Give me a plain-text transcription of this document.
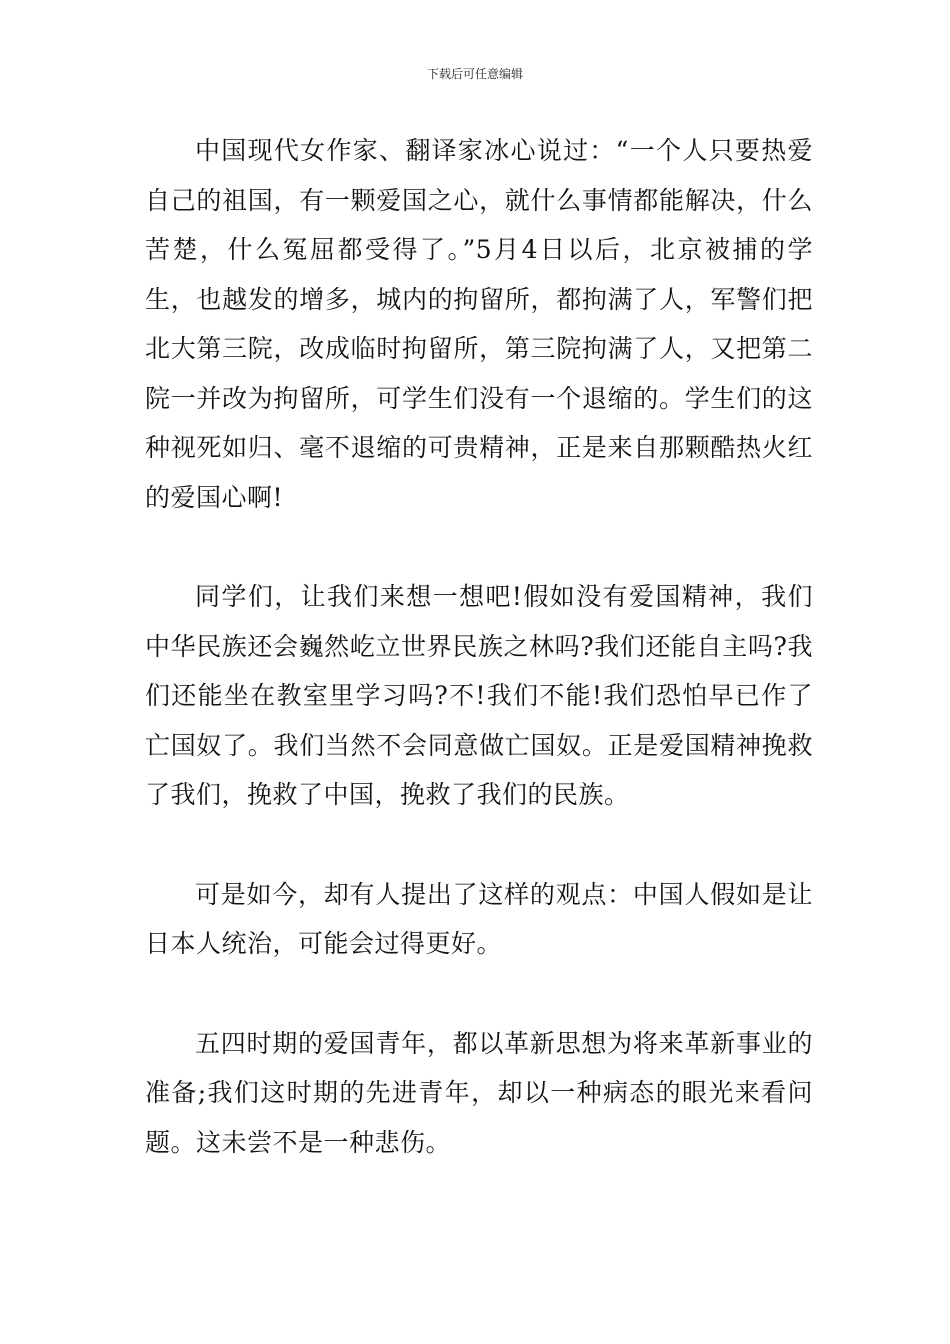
下载后可任意编辑

中国现代女作家、翻译家冰心说过：“一个人只要热爱自己的祖国，有一颗爱国之心，就什么事情都能解决，什么苦楚，什么冤屈都受得了。”5月4日以后，北京被捕的学生，也越发的增多，城内的拘留所，都拘满了人，军警们把北大第三院，改成临时拘留所，第三院拘满了人，又把第二院一并改为拘留所，可学生们没有一个退缩的。学生们的这种视死如归、毫不退缩的可贵精神，正是来自那颗酷热火红的爱国心啊!

同学们，让我们来想一想吧!假如没有爱国精神，我们中华民族还会巍然屹立世界民族之林吗?我们还能自主吗?我们还能坐在教室里学习吗?不!我们不能!我们恐怕早已作了亡国奴了。我们当然不会同意做亡国奴。正是爱国精神挽救了我们，挽救了中国，挽救了我们的民族。

可是如今，却有人提出了这样的观点：中国人假如是让日本人统治，可能会过得更好。

五四时期的爱国青年，都以革新思想为将来革新事业的准备;我们这时期的先进青年，却以一种病态的眼光来看问题。这未尝不是一种悲伤。
